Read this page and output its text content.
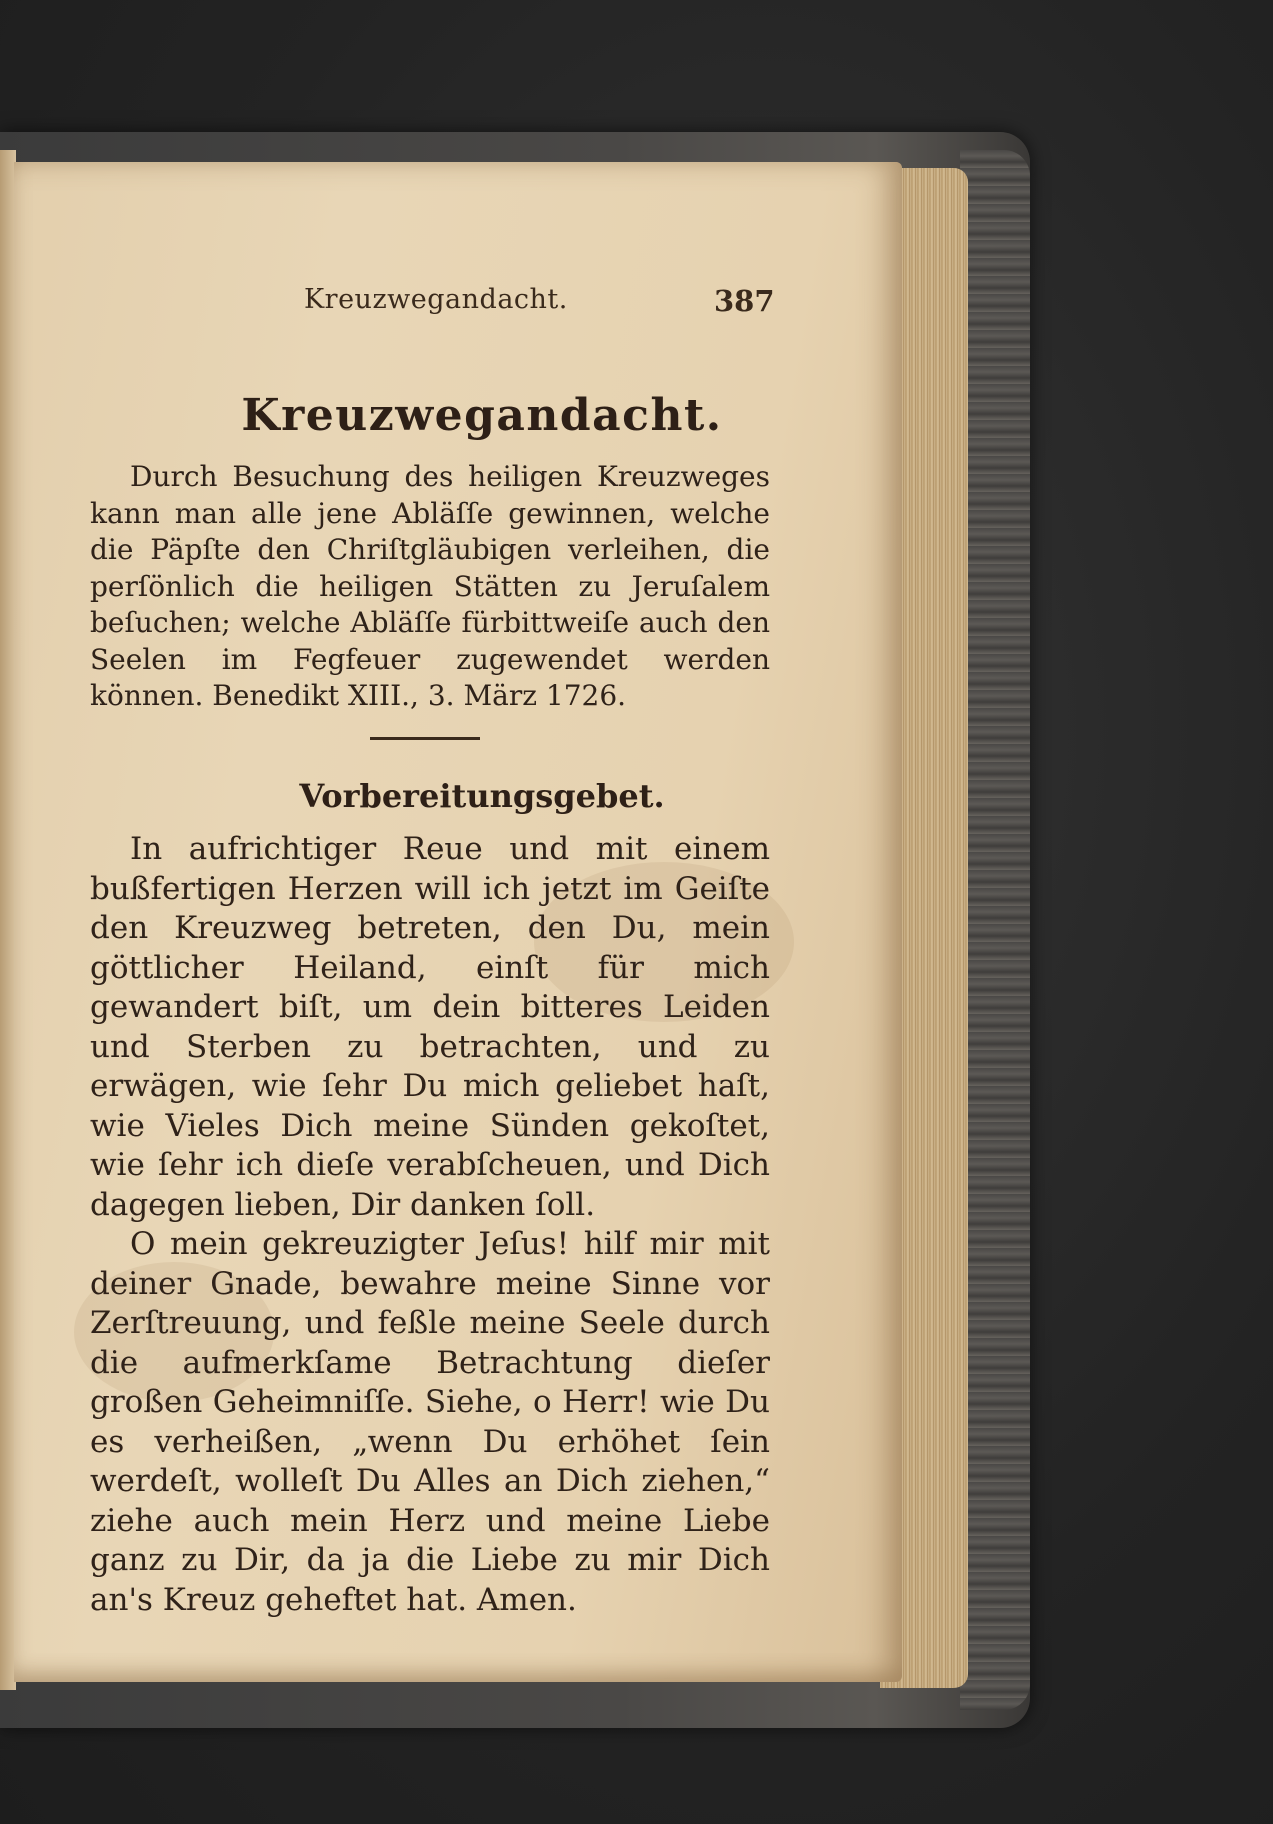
Kreuzwegandacht.	387
Kreuzwegandacht.

Durch Besuchung des heiligen Kreuzweges kann man alle jene Abläſſe gewinnen, welche die Päpſte den Chriſtgläubigen verleihen, die perſönlich die heiligen Stätten zu Jeruſalem beſuchen; welche Abläſſe fürbittweiſe auch den Seelen im Fegfeuer zugewendet werden können. Benedikt XIII., 3. März 1726.

Vorbereitungsgebet.

In aufrichtiger Reue und mit einem bußfertigen Herzen will ich jetzt im Geiſte den Kreuzweg betreten, den Du, mein göttlicher Heiland, einſt für mich gewandert biſt, um dein bitteres Leiden und Sterben zu betrachten, und zu erwägen, wie ſehr Du mich geliebet haſt, wie Vieles Dich meine Sünden gekoſtet, wie ſehr ich dieſe verabſcheuen, und Dich dagegen lieben, Dir danken ſoll.

O mein gekreuzigter Jeſus! hilf mir mit deiner Gnade, bewahre meine Sinne vor Zerſtreuung, und feßle meine Seele durch die aufmerkſame Betrachtung dieſer großen Geheimniſſe. Siehe, o Herr! wie Du es verheißen, „wenn Du erhöhet ſein werdeſt, wolleſt Du Alles an Dich ziehen,“ ziehe auch mein Herz und meine Liebe ganz zu Dir, da ja die Liebe zu mir Dich an's Kreuz geheftet hat. Amen.
